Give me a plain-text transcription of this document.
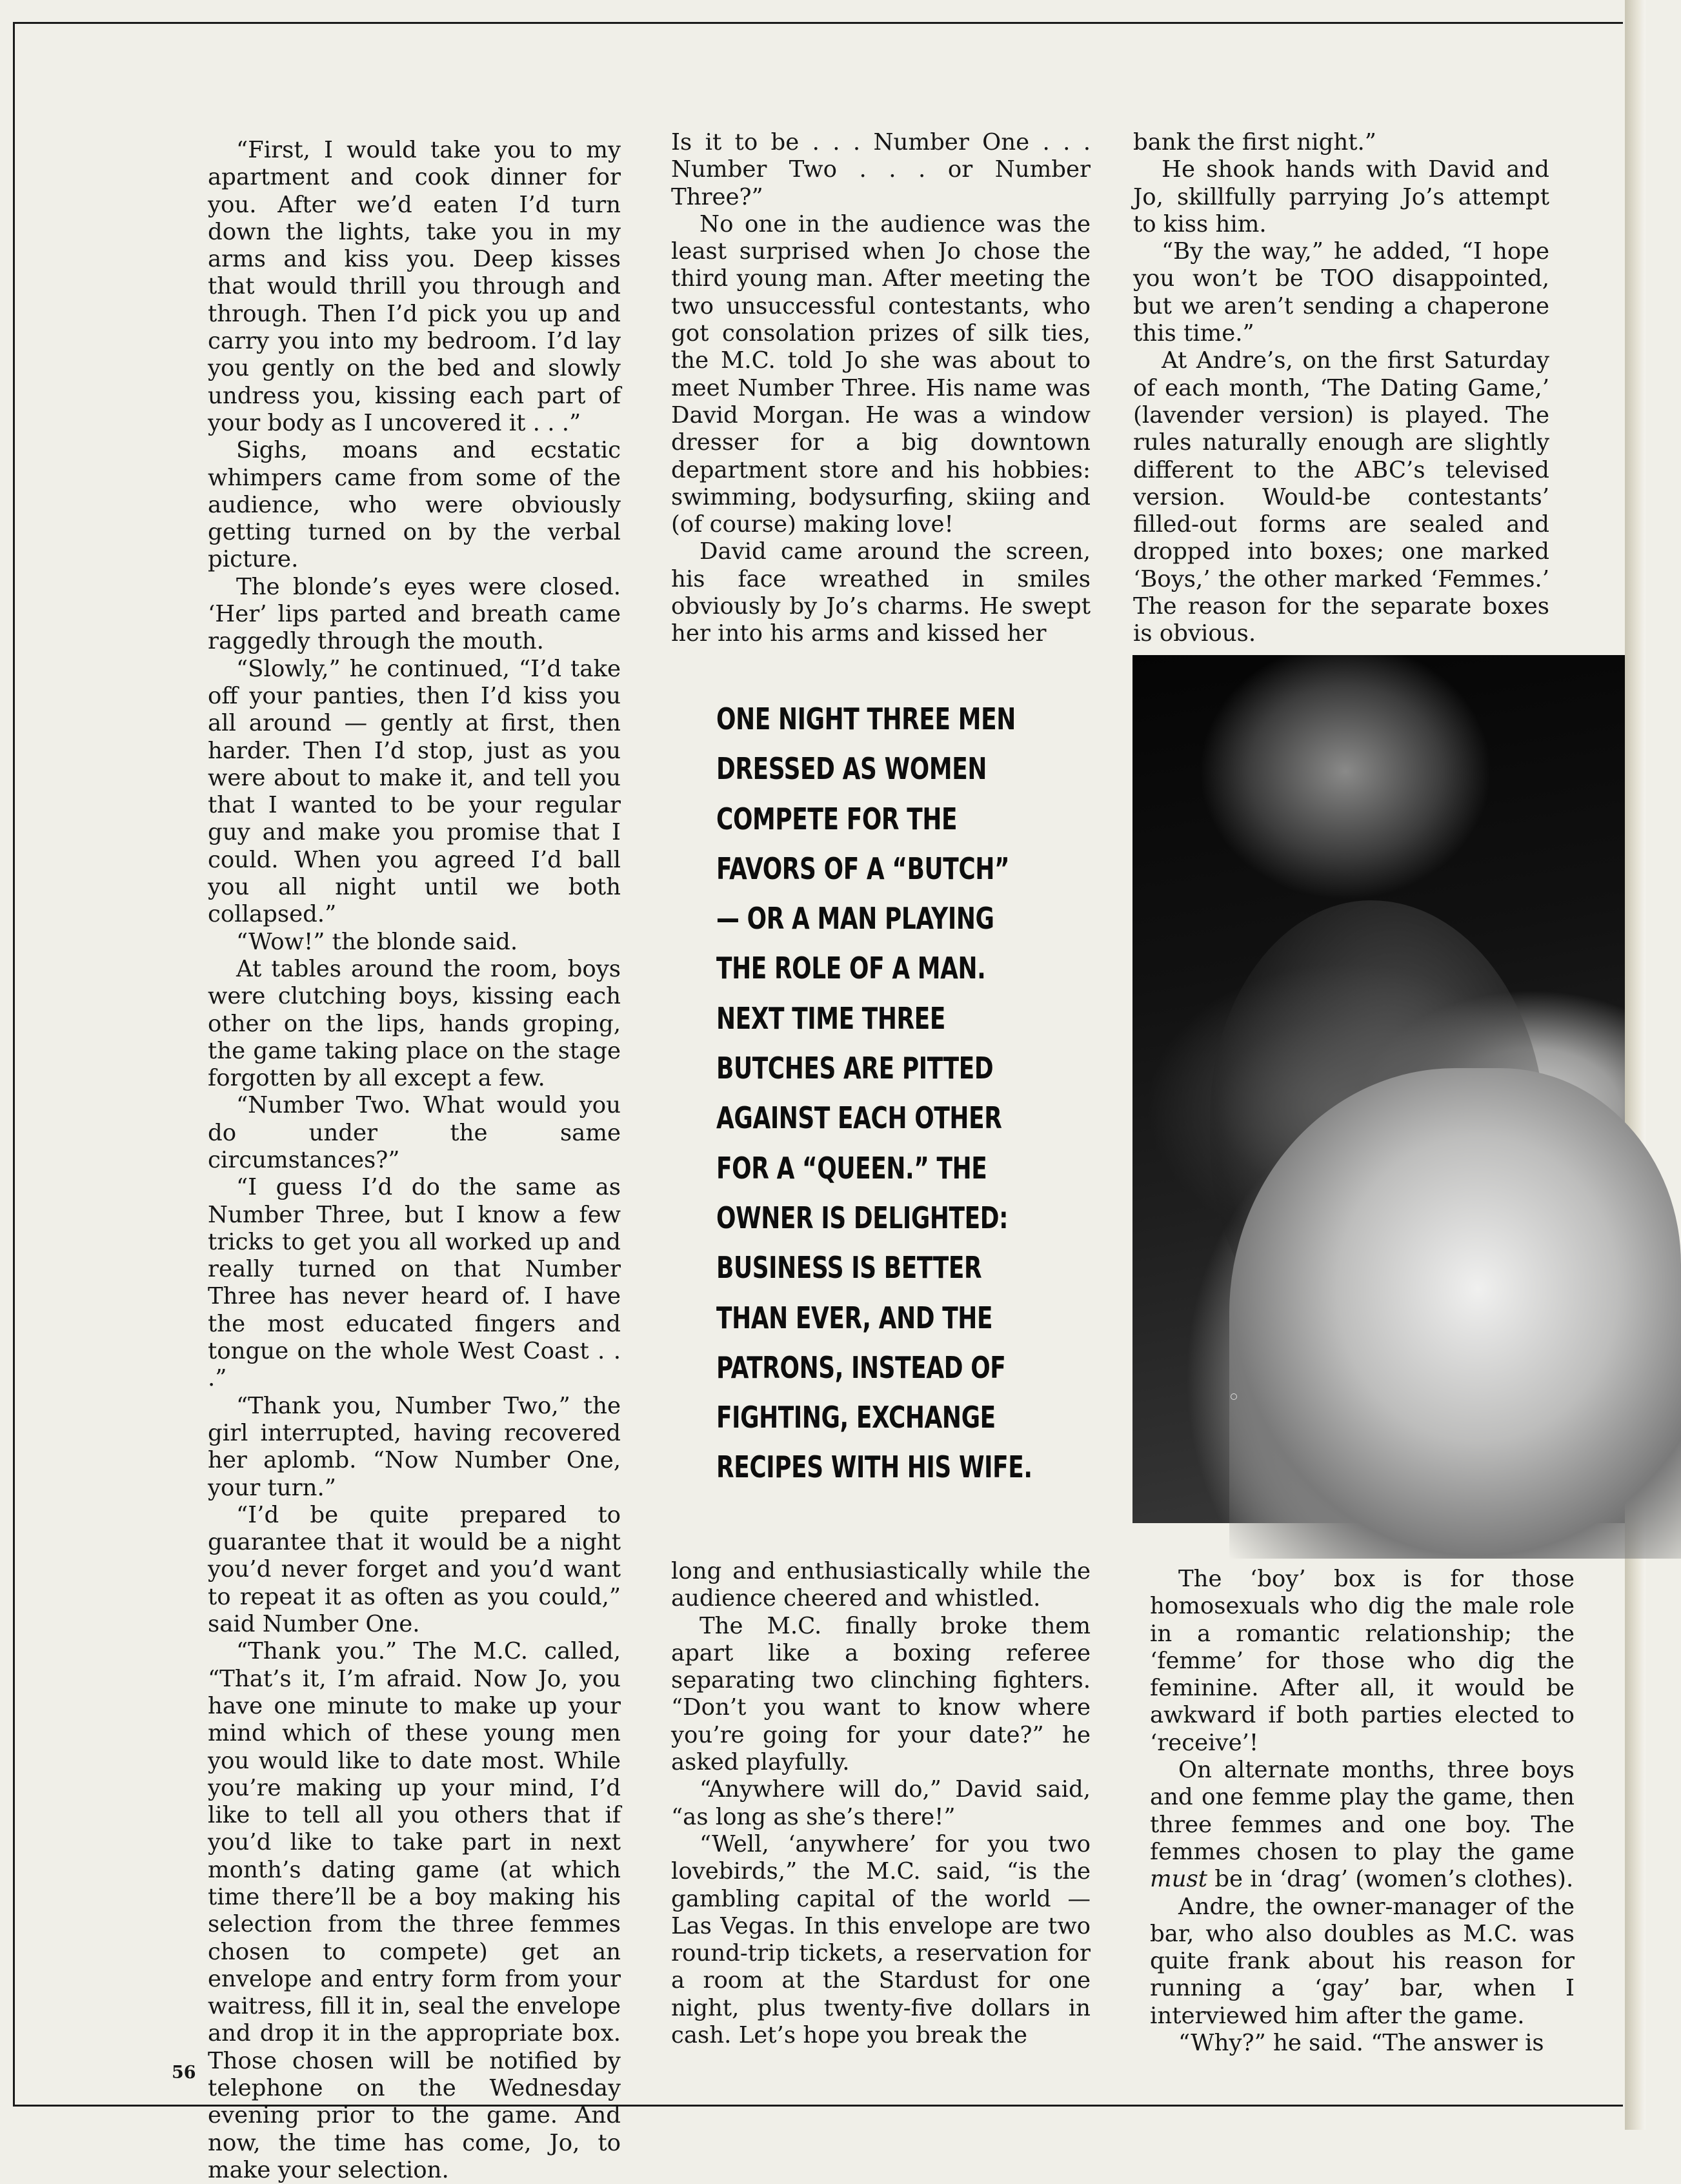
“First, I would take you to my apartment and cook dinner for you. After we’d eaten I’d turn down the lights, take you in my arms and kiss you. Deep kisses that would thrill you through and through. Then I’d pick you up and carry you into my bedroom. I’d lay you gently on the bed and slowly undress you, kissing each part of your body as I uncovered it . . .”

Sighs, moans and ecstatic whimpers came from some of the audience, who were obviously getting turned on by the verbal picture.

The blonde’s eyes were closed. ‘Her’ lips parted and breath came raggedly through the mouth.

“Slowly,” he continued, “I’d take off your panties, then I’d kiss you all around — gently at first, then harder. Then I’d stop, just as you were about to make it, and tell you that I wanted to be your regular guy and make you promise that I could. When you agreed I’d ball you all night until we both collapsed.”

“Wow!” the blonde said.

At tables around the room, boys were clutching boys, kissing each other on the lips, hands groping, the game taking place on the stage forgotten by all except a few.

“Number Two. What would you do under the same circumstances?”

“I guess I’d do the same as Number Three, but I know a few tricks to get you all worked up and really turned on that Number Three has never heard of. I have the most educated fingers and tongue on the whole West Coast . . .”

“Thank you, Number Two,” the girl interrupted, having recovered her aplomb. “Now Number One, your turn.”

“I’d be quite prepared to guarantee that it would be a night you’d never forget and you’d want to repeat it as often as you could,” said Number One.

“Thank you.” The M.C. called, “That’s it, I’m afraid. Now Jo, you have one minute to make up your mind which of these young men you would like to date most. While you’re making up your mind, I’d like to tell all you others that if you’d like to take part in next month’s dating game (at which time there’ll be a boy making his selection from the three femmes chosen to compete) get an envelope and entry form from your waitress, fill it in, seal the envelope and drop it in the appropriate box. Those chosen will be notified by telephone on the Wednesday evening prior to the game. And now, the time has come, Jo, to make your selection.

Is it to be . . . Number One . . . Number Two . . . or Number Three?”

No one in the audience was the least surprised when Jo chose the third young man. After meeting the two unsuccessful contestants, who got consolation prizes of silk ties, the M.C. told Jo she was about to meet Number Three. His name was David Morgan. He was a window dresser for a big downtown department store and his hobbies: swimming, bodysurfing, skiing and (of course) making love!

David came around the screen, his face wreathed in smiles obviously by Jo’s charms. He swept her into his arms and kissed her

ONE NIGHT THREE MEN
DRESSED AS WOMEN
COMPETE FOR THE
FAVORS OF A “BUTCH”
— OR A MAN PLAYING
THE ROLE OF A MAN.
NEXT TIME THREE
BUTCHES ARE PITTED
AGAINST EACH OTHER
FOR A “QUEEN.” THE
OWNER IS DELIGHTED:
BUSINESS IS BETTER
THAN EVER, AND THE
PATRONS, INSTEAD OF
FIGHTING, EXCHANGE
RECIPES WITH HIS WIFE.

long and enthusiastically while the audience cheered and whistled.

The M.C. finally broke them apart like a boxing referee separating two clinching fighters. “Don’t you want to know where you’re going for your date?” he asked playfully.

“Anywhere will do,” David said, “as long as she’s there!”

“Well, ‘anywhere’ for you two lovebirds,” the M.C. said, “is the gambling capital of the world — Las Vegas. In this envelope are two round-trip tickets, a reservation for a room at the Stardust for one night, plus twenty-five dollars in cash. Let’s hope you break the

bank the first night.”

He shook hands with David and Jo, skillfully parrying Jo’s attempt to kiss him.

“By the way,” he added, “I hope you won’t be TOO disappointed, but we aren’t sending a chaperone this time.”

At Andre’s, on the first Saturday of each month, ‘The Dating Game,’ (lavender version) is played. The rules naturally enough are slightly different to the ABC’s televised version. Would-be contestants’ filled-out forms are sealed and dropped into boxes; one marked ‘Boys,’ the other marked ‘Femmes.’ The reason for the separate boxes is obvious.

The ‘boy’ box is for those homosexuals who dig the male role in a romantic relationship; the ‘femme’ for those who dig the feminine. After all, it would be awkward if both parties elected to ‘receive’!

On alternate months, three boys and one femme play the game, then three femmes and one boy. The femmes chosen to play the game must be in ‘drag’ (women’s clothes).

Andre, the owner-manager of the bar, who also doubles as M.C. was quite frank about his reason for running a ‘gay’ bar, when I interviewed him after the game.

“Why?” he said. “The answer is

56
